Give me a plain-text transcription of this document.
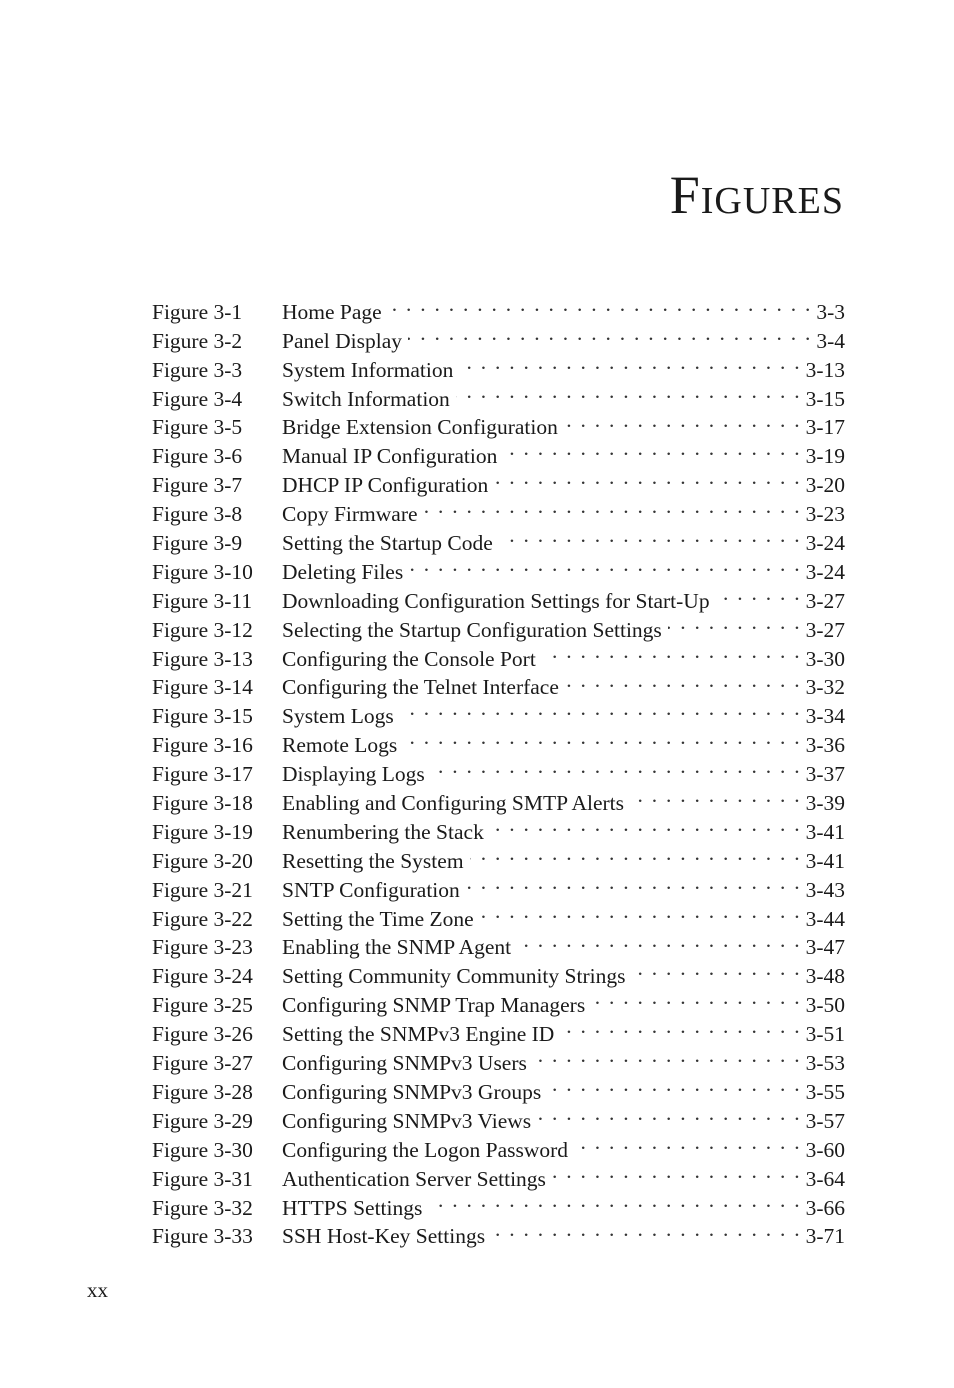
Figures
Figure 3-1	Home Page . . .	3-3
Figure 3-2	Panel Display . . .	3-4
Figure 3-3	System Information . . .	3-13
Figure 3-4	Switch Information . . .	3-15
Figure 3-5	Bridge Extension Configuration . . .	3-17
Figure 3-6	Manual IP Configuration . . .	3-19
Figure 3-7	DHCP IP Configuration . . .	3-20
Figure 3-8	Copy Firmware . . .	3-23
Figure 3-9	Setting the Startup Code . . .	3-24
Figure 3-10	Deleting Files . . .	3-24
Figure 3-11	Downloading Configuration Settings for Start-Up . . .	3-27
Figure 3-12	Selecting the Startup Configuration Settings . . .	3-27
Figure 3-13	Configuring the Console Port . . .	3-30
Figure 3-14	Configuring the Telnet Interface . . .	3-32
Figure 3-15	System Logs . . .	3-34
Figure 3-16	Remote Logs . . .	3-36
Figure 3-17	Displaying Logs . . .	3-37
Figure 3-18	Enabling and Configuring SMTP Alerts . . .	3-39
Figure 3-19	Renumbering the Stack . . .	3-41
Figure 3-20	Resetting the System . . .	3-41
Figure 3-21	SNTP Configuration . . .	3-43
Figure 3-22	Setting the Time Zone . . .	3-44
Figure 3-23	Enabling the SNMP Agent . . .	3-47
Figure 3-24	Setting Community Community Strings . . .	3-48
Figure 3-25	Configuring SNMP Trap Managers . . .	3-50
Figure 3-26	Setting the SNMPv3 Engine ID . . .	3-51
Figure 3-27	Configuring SNMPv3 Users . . .	3-53
Figure 3-28	Configuring SNMPv3 Groups . . .	3-55
Figure 3-29	Configuring SNMPv3 Views . . .	3-57
Figure 3-30	Configuring the Logon Password . . .	3-60
Figure 3-31	Authentication Server Settings . . .	3-64
Figure 3-32	HTTPS Settings . . .	3-66
Figure 3-33	SSH Host-Key Settings . . .	3-71

xx
